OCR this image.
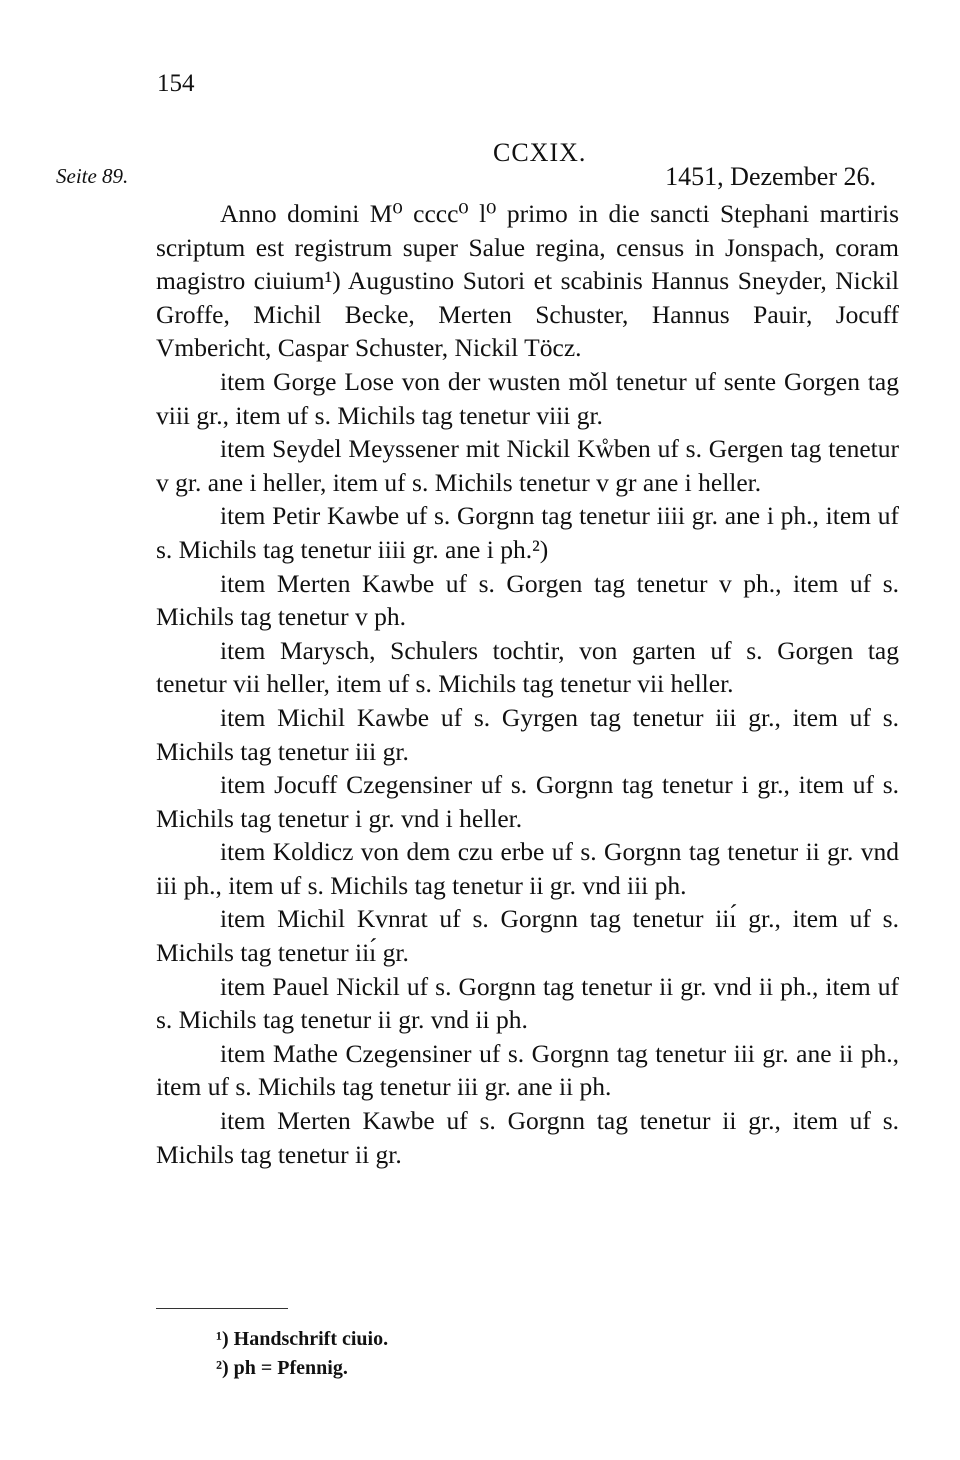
154
Seite 89.
CCXIX.
1451, Dezember 26.

Anno domini M⁰ cccc⁰ l⁰ primo in die sancti Stephani martiris scriptum est registrum super Salue regina, census in Jonspach, coram magistro ciuium¹) Augustino Sutori et scabinis Hannus Sneyder, Nickil Groffe, Michil Becke, Merten Schuster, Hannus Pauir, Jocuff Vmbericht, Caspar Schuster, Nickil Töcz.

item Gorge Lose von der wusten mǒl tenetur uf sente Gorgen tag viii gr., item uf s. Michils tag tenetur viii gr.

item Seydel Meyssener mit Nickil Kẘben uf s. Gergen tag tenetur v gr. ane i heller, item uf s. Michils tenetur v gr ane i heller.

item Petir Kawbe uf s. Gorgnn tag tenetur iiii gr. ane i ph., item uf s. Michils tag tenetur iiii gr. ane i ph.²)

item Merten Kawbe uf s. Gorgen tag tenetur v ph., item uf s. Michils tag tenetur v ph.

item Marysch, Schulers tochtir, von garten uf s. Gorgen tag tenetur vii heller, item uf s. Michils tag tenetur vii heller.

item Michil Kawbe uf s. Gyrgen tag tenetur iii gr., item uf s. Michils tag tenetur iii gr.

item Jocuff Czegensiner uf s. Gorgnn tag tenetur i gr., item uf s. Michils tag tenetur i gr. vnd i heller.

item Koldicz von dem czu erbe uf s. Gorgnn tag tenetur ii gr. vnd iii ph., item uf s. Michils tag tenetur ii gr. vnd iii ph.

item Michil Kvnrat uf s. Gorgnn tag tenetur iiı́ gr., item uf s. Michils tag tenetur iiı́ gr.

item Pauel Nickil uf s. Gorgnn tag tenetur ii gr. vnd ii ph., item uf s. Michils tag tenetur ii gr. vnd ii ph.

item Mathe Czegensiner uf s. Gorgnn tag tenetur iii gr. ane ii ph., item uf s. Michils tag tenetur iii gr. ane ii ph.

item Merten Kawbe uf s. Gorgnn tag tenetur ii gr., item uf s. Michils tag tenetur ii gr.

¹) Handschrift ciuio.
²) ph = Pfennig.
